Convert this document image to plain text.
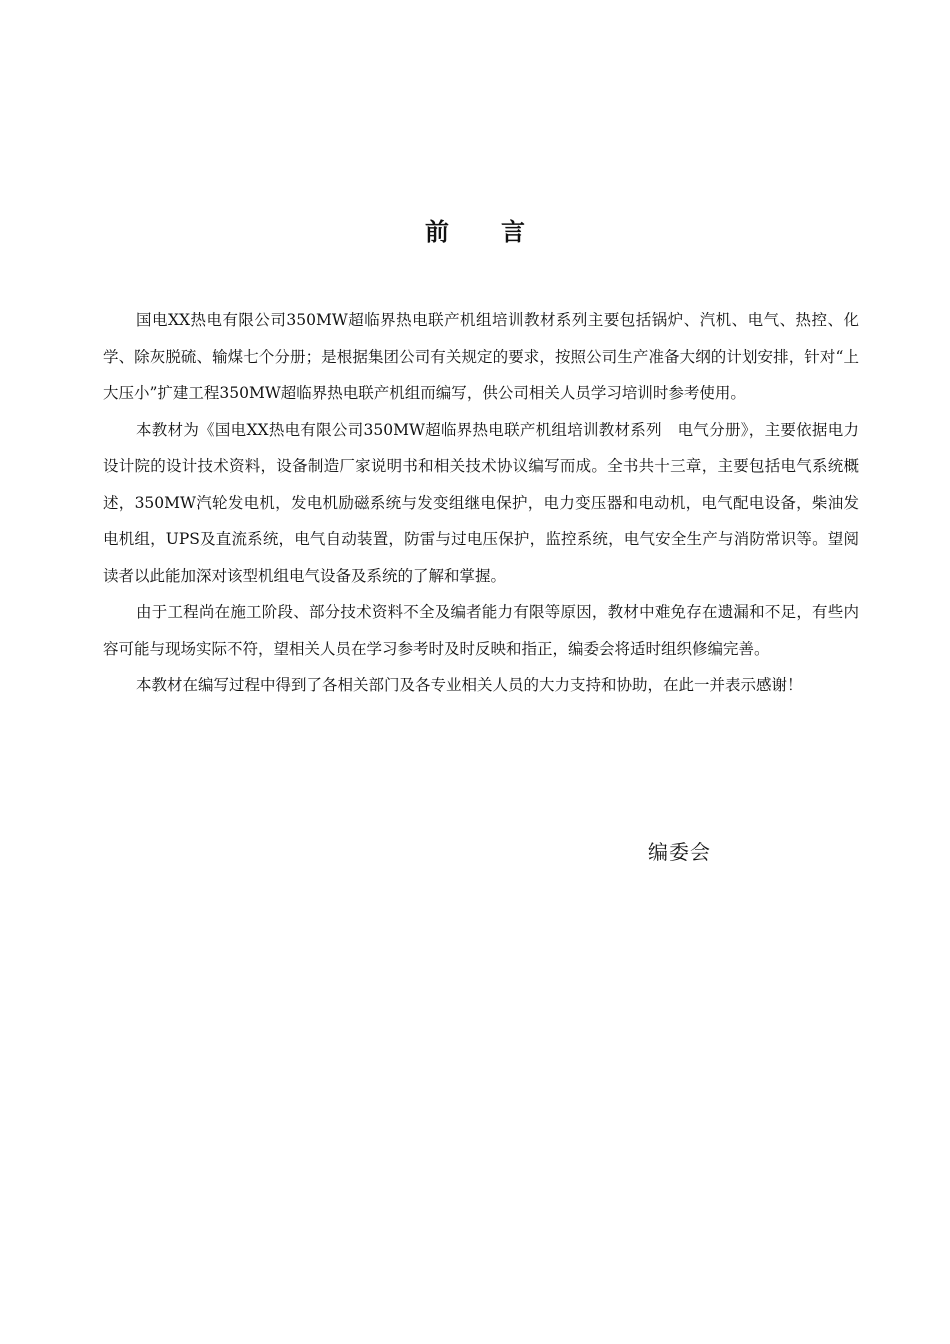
前 言

国电XX热电有限公司350MW超临界热电联产机组培训教材系列主要包括锅炉、汽机、电气、热控、化学、除灰脱硫、输煤七个分册；是根据集团公司有关规定的要求，按照公司生产准备大纲的计划安排，针对“上大压小”扩建工程350MW超临界热电联产机组而编写，供公司相关人员学习培训时参考使用。

本教材为《国电XX热电有限公司350MW超临界热电联产机组培训教材系列　电气分册》，主要依据电力设计院的设计技术资料，设备制造厂家说明书和相关技术协议编写而成。全书共十三章，主要包括电气系统概述，350MW汽轮发电机，发电机励磁系统与发变组继电保护，电力变压器和电动机，电气配电设备，柴油发电机组，UPS及直流系统，电气自动装置，防雷与过电压保护，监控系统，电气安全生产与消防常识等。望阅读者以此能加深对该型机组电气设备及系统的了解和掌握。

由于工程尚在施工阶段、部分技术资料不全及编者能力有限等原因，教材中难免存在遗漏和不足，有些内容可能与现场实际不符，望相关人员在学习参考时及时反映和指正，编委会将适时组织修编完善。

本教材在编写过程中得到了各相关部门及各专业相关人员的大力支持和协助，在此一并表示感谢！

编委会
